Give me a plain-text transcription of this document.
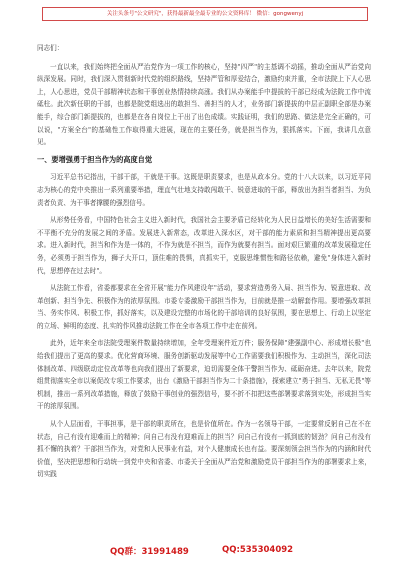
关注头条号"公文研究"，获得最新最全最专业的公文资料库！ 微信：gongwenyj

同志们：

一直以来，我们始终把全面从严治党作为一项工作的核心，坚持"四严"的主基调不动摇，推动全面从严治党向纵深发展。同时，我们深入贯彻新时代党的组织路线，坚持严管和厚爱结合，激励约束并重，全市法院上下人心思上，人心思进，党员干部精神状态和干事创业热情持续高涨。我们从办案能手中提拔的干部已经成为法院工作中流砥柱。此次新任职的干部，也都是院党组选出的敢担当、善担当的人才，业务部门新提拔的中层正副职全部是办案能手，综合部门新提拔的，也都是在各自岗位上干出了出色成绩。实践证明，我们的思路、做法是完全正确的，可以说，"方案全台"的基础性工作取得重大进展，现在的主要任务，就是担当作为，狠抓落实。下面，我讲几点意见。

一、要增强勇于担当作为的高度自觉

习近平总书记指出，干部干部，干就是干事。这既是职责要求，也是从政本分。党的十八大以来，以习近平同志为核心的党中央推出一系列重要举措，理直气壮地支持敢闯敢干、锐意进取的干部，释放出为担当者担当、为负责者负责、为干事者撑腰的强烈信号。

从形势任务看，中国特色社会主义进入新时代，我国社会主要矛盾已经转化为人民日益增长的美好生活需要和不平衡不充分的发展之间的矛盾。发展进入新常态，改革进入深水区，对干部的能力素质和担当精神提出更高要求。进入新时代，担当和作为是一体的，不作为就是不担当，而作为就要有担当。面对艰巨繁重的改革发展稳定任务，必须勇于担当作为，狮子大开口，顶住难的畏惧，真抓实干，克服思维惯性和路径依赖，避免"身体进入新时代，思想停在过去时"。

从法院工作看，省委都要求在全省开展"能力作风建设年"活动，要求营造勇务入局、担当作为、锐意进取、改革创新、担当争先、积极作为的浓厚氛围。市委专委激励干部担当作为，目前就是推一动解套作用。要增强改革担当、务实作风、积极工作，抓好落实，以及建设完整的市场化的干部培训的良好氛围，要在思想上、行动上以坚定的立场、鲜明的态度、扎实的作风推动法院工作在全市各项工作中走在前列。

此外，近年来全市法院受理案件数量持续增加，全年受理案件近万件；服务保障"建强副中心、形成增长极"也给我们提出了更高的要求。优化营商环境、服务创新驱动发展等中心工作需要我们积极作为、主动担当，深化司法体制改革、四级联动定位改革等也向我们提出了新要求，迫切需要全体干警担当作为、砥砺奋进。去年以来，院党组贯彻落实全市以案促改专项工作要求，出台《激励干部担当作为二十条措施》，探索建立"勇于担当、无私无畏"等机制，推出一系列改革措施，释放了鼓励干事创业的强烈信号，要不折不扣把这些部署要求落到实处，形成担当实干的浓厚氛围。

从个人层面看，干事担事，是干部的职责所在，也是价值所在。作为一名领导干部，一定要常反躬自己在不在状态，自己有没有迎难而上的精神；问自己有没有迎难而上的担当？问自己有没有一抓到底的韧劲？问自己有没有抓不懈的执着？干部担当作为，对党和人民事业有益，对个人健康成长也有益。要深刻领会担当作为的内涵和时代价值，坚决把思想和行动统一到党中央和省委、市委关于全面从严治党和激励党员干部担当作为的部署要求上来，切实践

QQ群：31991489	QQ:535304092
